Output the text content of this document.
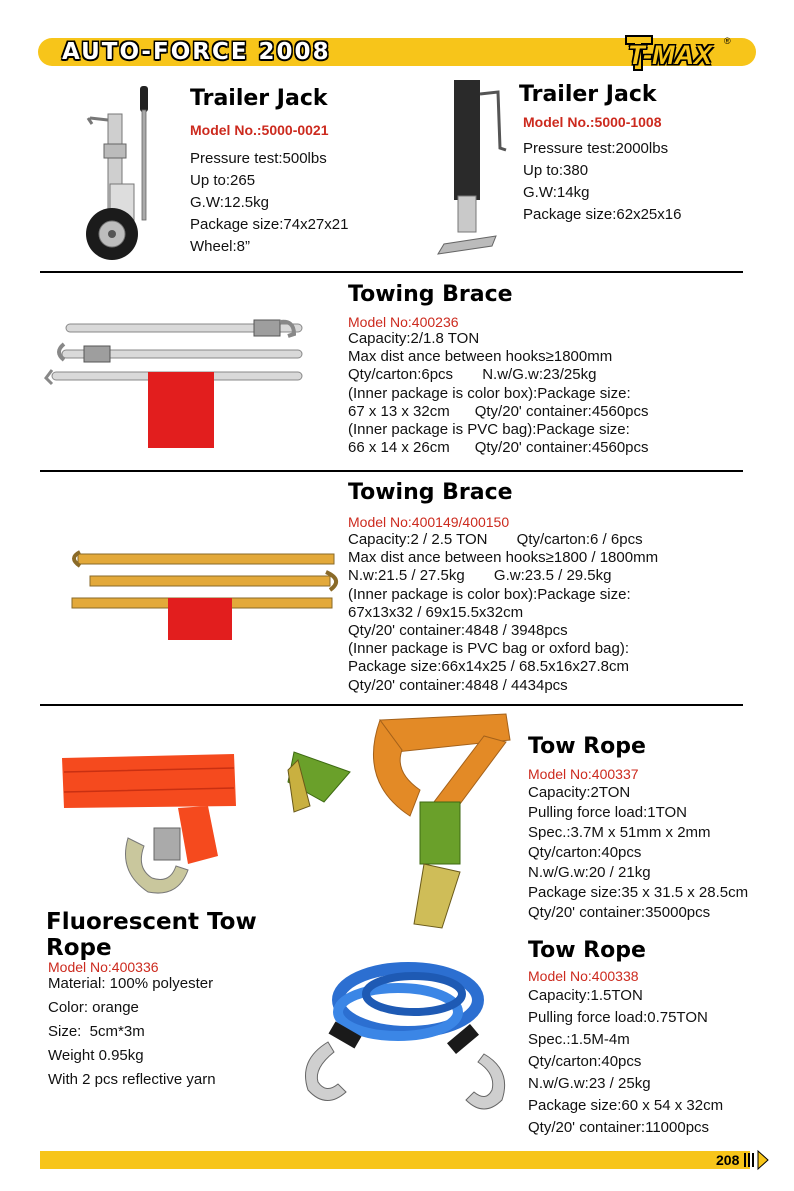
AUTO-FORCE 2008	T-MAX ®
Trailer Jack
Model No.:5000-0021
Pressure test:500lbs
Up to:265
G.W:12.5kg
Package size:74x27x21
Wheel:8”
Trailer Jack
Model No.:5000-1008
Pressure test:2000lbs
Up to:380
G.W:14kg
Package size:62x25x16
Towing Brace
Model No:400236
Capacity:2/1.8 TON
Max dist ance between hooks≥1800mm
Qty/carton:6pcs       N.w/G.w:23/25kg
(Inner package is color box):Package size:
67 x 13 x 32cm      Qty/20' container:4560pcs
(Inner package is PVC bag):Package size:
66 x 14 x 26cm      Qty/20' container:4560pcs
Towing Brace
Model No:400149/400150
Capacity:2 / 2.5 TON       Qty/carton:6 / 6pcs
Max dist ance between hooks≥1800 / 1800mm
N.w:21.5 / 27.5kg       G.w:23.5 / 29.5kg
(Inner package is color box):Package size:
67x13x32 / 69x15.5x32cm
Qty/20' container:4848 / 3948pcs
(Inner package is PVC bag or oxford bag):
Package size:66x14x25 / 68.5x16x27.8cm
Qty/20' container:4848 / 4434pcs
Tow Rope
Model No:400337
Capacity:2TON
Pulling force load:1TON
Spec.:3.7M x 51mm x 2mm
Qty/carton:40pcs
N.w/G.w:20 / 21kg
Package size:35 x 31.5 x 28.5cm
Qty/20' container:35000pcs
Fluorescent Tow
Rope
Model No:400336
Material: 100% polyester
Color: orange
Size:  5cm*3m
Weight 0.95kg
With 2 pcs reflective yarn
Tow Rope
Model No:400338
Capacity:1.5TON
Pulling force load:0.75TON
Spec.:1.5M-4m
Qty/carton:40pcs
N.w/G.w:23 / 25kg
Package size:60 x 54 x 32cm
Qty/20' container:11000pcs
208
